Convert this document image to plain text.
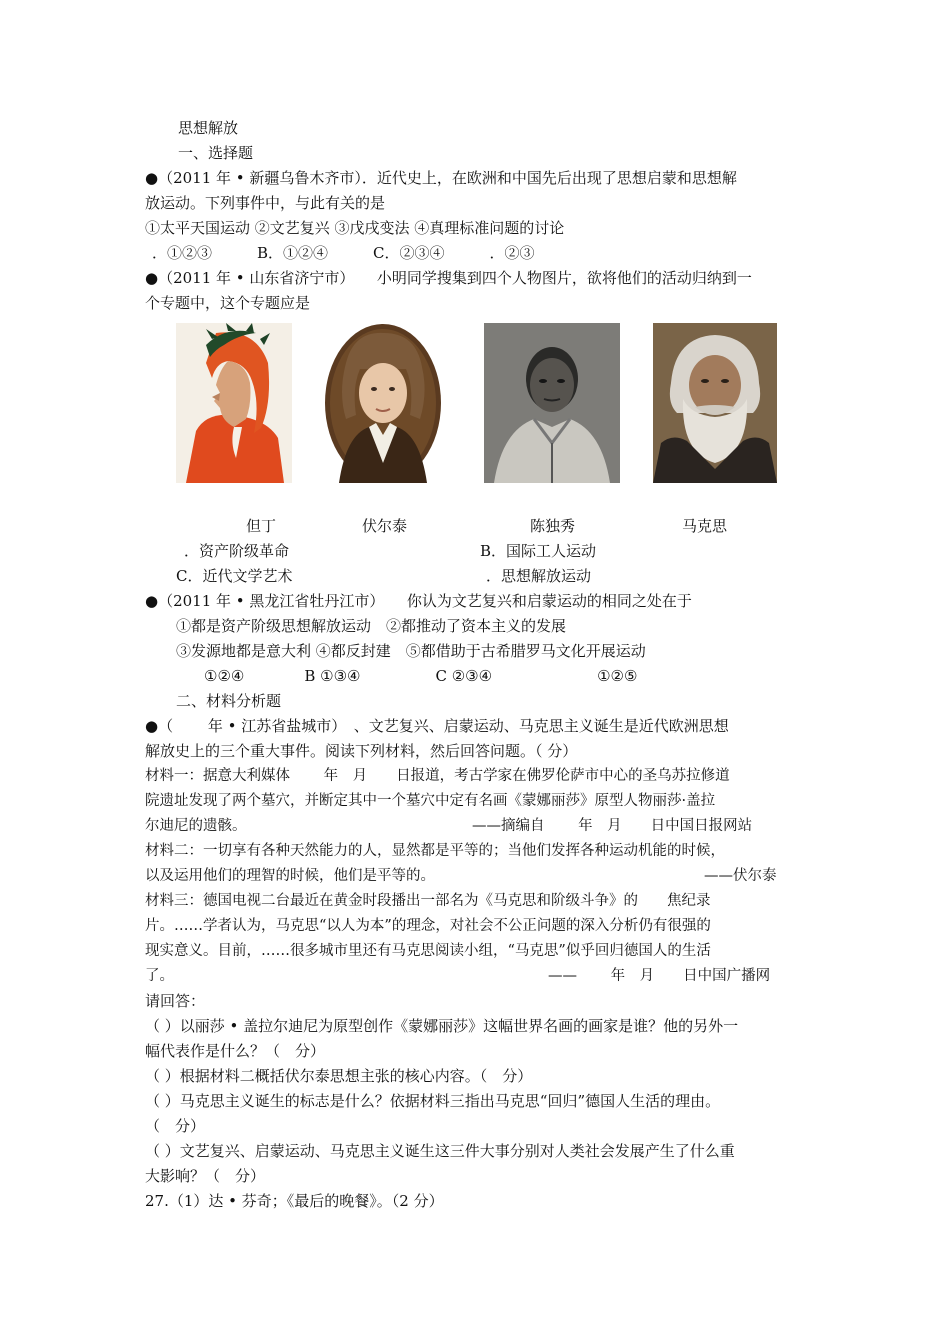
思想解放
一、选择题
●（2011 年 • 新疆乌鲁木齐市）．近代史上，在欧洲和中国先后出现了思想启蒙和思想解
放运动。下列事件中，与此有关的是
①太平天国运动 ②文艺复兴 ③戊戌变法 ④真理标准问题的讨论
．①②③　　　B．①②④　　　C．②③④　　　．②③
●（2011 年 • 山东省济宁市）　　小明同学搜集到四个人物图片，欲将他们的活动归纳到一
个专题中，这个专题应是
但丁	伏尔泰	陈独秀	马克思
．资产阶级革命	B．国际工人运动
C．近代文学艺术	．思想解放运动
●（2011 年 • 黑龙江省牡丹江市）　　你认为文艺复兴和启蒙运动的相同之处在于
①都是资产阶级思想解放运动　②都推动了资本主义的发展
③发源地都是意大利 ④都反封建　⑤都借助于古希腊罗马文化开展运动
①②④　　　　B ①③④　　　　　C ②③④　　　　　　　①②⑤
二、材料分析题
●（　　 年 • 江苏省盐城市）　、文艺复兴、启蒙运动、马克思主义诞生是近代欧洲思想
解放史上的三个重大事件。阅读下列材料，然后回答问题。（ 分）
材料一：据意大利媒体　　 年　月　　日报道，考古学家在佛罗伦萨市中心的圣乌苏拉修道
院遗址发现了两个墓穴，并断定其中一个墓穴中定有名画《蒙娜丽莎》原型人物丽莎·盖拉
尔迪尼的遗骸。	——摘编自　　 年　月　　日中国日报网站
材料二：一切享有各种天然能力的人，显然都是平等的；当他们发挥各种运动机能的时候，
以及运用他们的理智的时候，他们是平等的。	——伏尔泰
材料三：德国电视二台最近在黄金时段播出一部名为《马克思和阶级斗争》的　　焦纪录
片。……学者认为，马克思“以人为本”的理念，对社会不公正问题的深入分析仍有很强的
现实意义。目前，……很多城市里还有马克思阅读小组，“马克思”似乎回归德国人的生活
了。	——　　 年　月　　日中国广播网
请回答：
（ ）以丽莎 • 盖拉尔迪尼为原型创作《蒙娜丽莎》这幅世界名画的画家是谁？他的另外一
幅代表作是什么？（　分）
（ ）根据材料二概括伏尔泰思想主张的核心内容。（　分）
（ ）马克思主义诞生的标志是什么？依据材料三指出马克思“回归”德国人生活的理由。
（　分）
（ ）文艺复兴、启蒙运动、马克思主义诞生这三件大事分别对人类社会发展产生了什么重
大影响？（　分）
27.（1）达 • 芬奇；《最后的晚餐》。（2 分）
